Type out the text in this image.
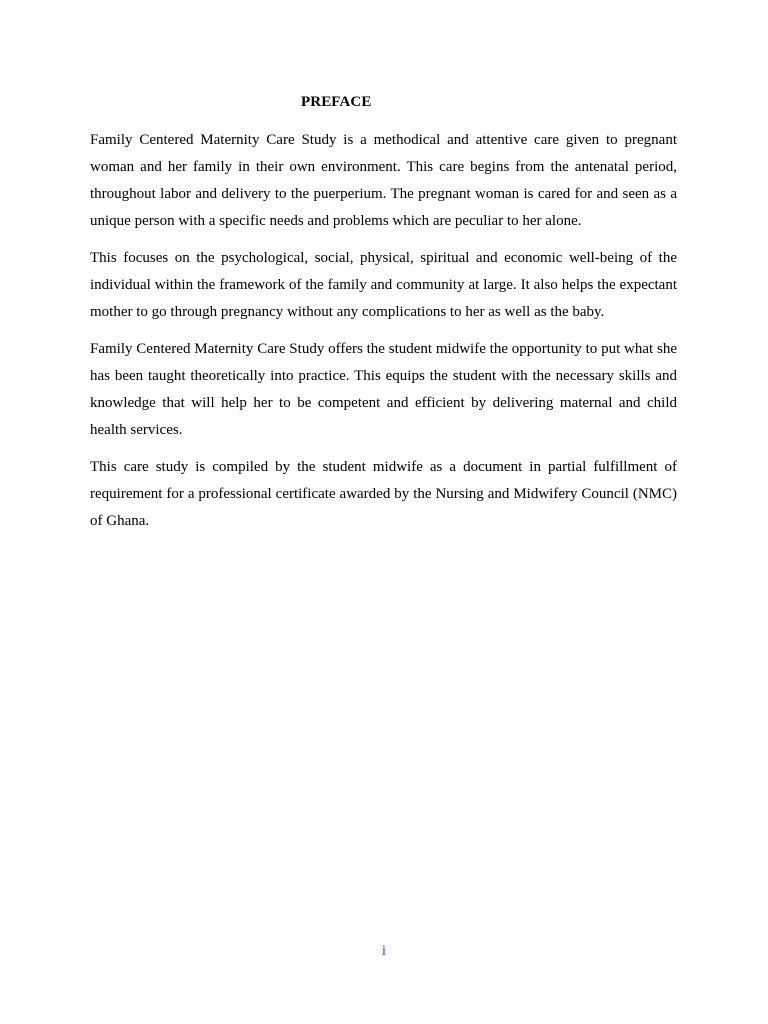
PREFACE

Family Centered Maternity Care Study is a methodical and attentive care given to pregnant woman and her family in their own environment. This care begins from the antenatal period, throughout labor and delivery to the puerperium. The pregnant woman is cared for and seen as a unique person with a specific needs and problems which are peculiar to her alone.

This focuses on the psychological, social, physical, spiritual and economic well-being of the individual within the framework of the family and community at large. It also helps the expectant mother to go through pregnancy without any complications to her as well as the baby.

Family Centered Maternity Care Study offers the student midwife the opportunity to put what she has been taught theoretically into practice. This equips the student with the necessary skills and knowledge that will help her to be competent and efficient by delivering maternal and child health services.

This care study is compiled by the student midwife as a document in partial fulfillment of requirement for a professional certificate awarded by the Nursing and Midwifery Council (NMC) of Ghana.

i
